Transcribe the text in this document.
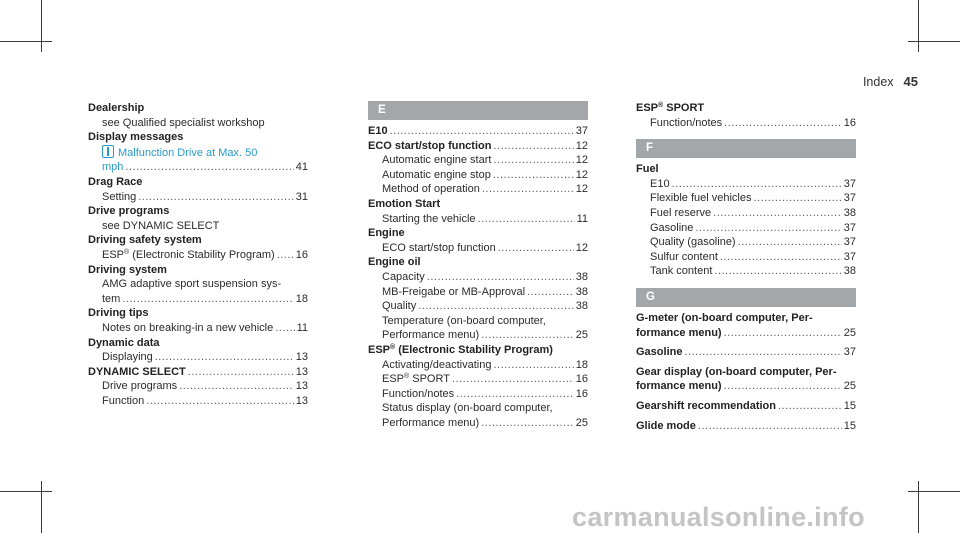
Index 45
Dealership
see Qualified specialist workshop
Display messages
Malfunction Drive at Max. 50
mph .....	41
Drag Race
Setting .....	31
Drive programs
see DYNAMIC SELECT
Driving safety system
ESP® (Electronic Stability Program) ..... 16
Driving system
AMG adaptive sport suspension sys-
tem .....	18
Driving tips
Notes on breaking-in a new vehicle ..... 11
Dynamic data
Displaying .....	13
DYNAMIC SELECT .....	13
Drive programs .....	13
Function .....	13
E
E10 .....	37
ECO start/stop function .....	12
Automatic engine start .....	12
Automatic engine stop .....	12
Method of operation .....	12
Emotion Start
Starting the vehicle .....	11
Engine
ECO start/stop function .....	12
Engine oil
Capacity .....	38
MB-Freigabe or MB-Approval .....	38
Quality .....	38
Temperature (on-board computer,
Performance menu) .....	25
ESP® (Electronic Stability Program)
Activating/deactivating .....	18
ESP® SPORT .....	16
Function/notes .....	16
Status display (on-board computer,
Performance menu) .....	25
ESP® SPORT
Function/notes .....	16
F
Fuel
E10 .....	37
Flexible fuel vehicles .....	37
Fuel reserve .....	38
Gasoline .....	37
Quality (gasoline) .....	37
Sulfur content .....	37
Tank content .....	38
G
G-meter (on-board computer, Per-
formance menu) .....	25
Gasoline .....	37
Gear display (on-board computer, Per-
formance menu) .....	25
Gearshift recommendation .....	15
Glide mode .....	15
carmanualsonline.info
